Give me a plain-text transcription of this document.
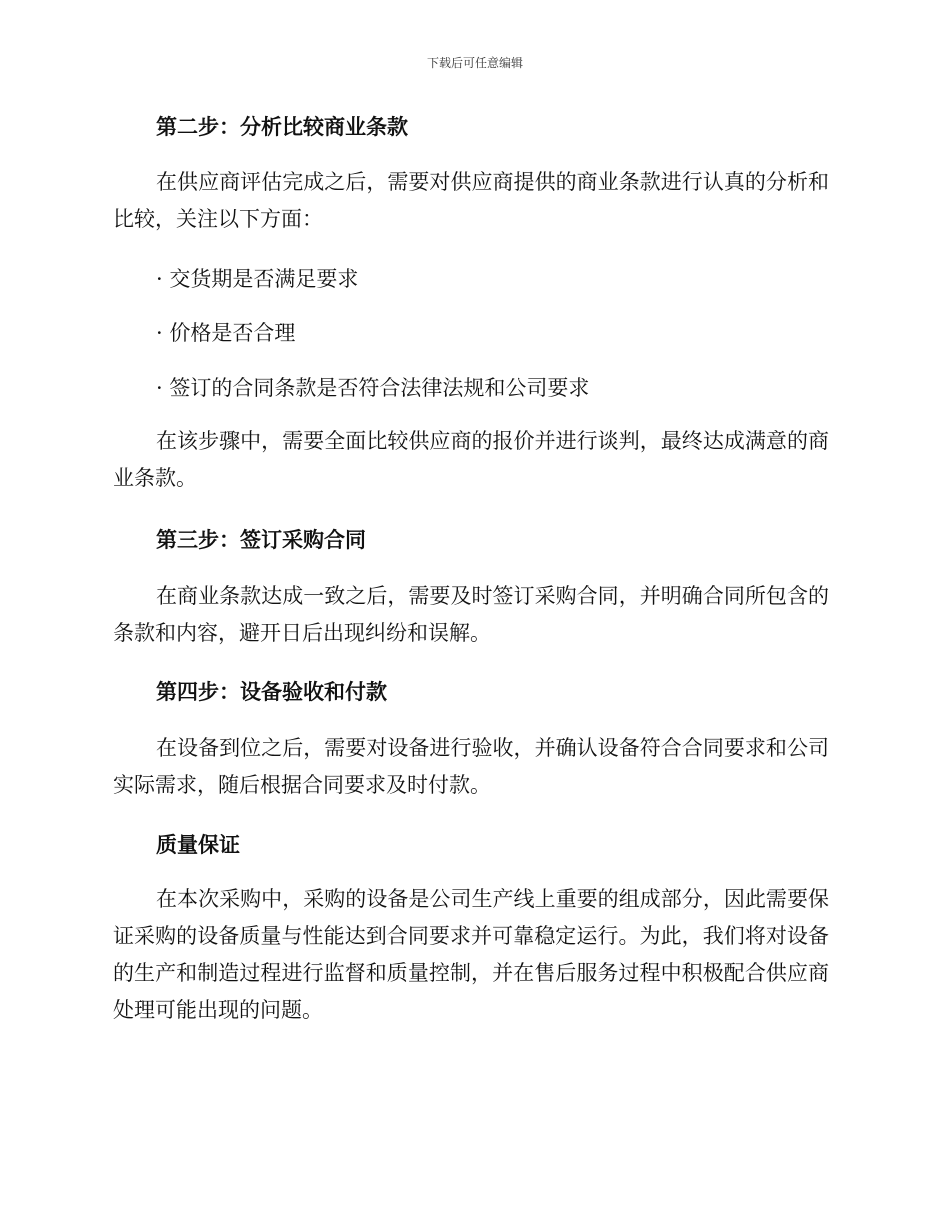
下载后可任意编辑
第二步：分析比较商业条款
在供应商评估完成之后，需要对供应商提供的商业条款进行认真的分析和比较，关注以下方面：
· 交货期是否满足要求
· 价格是否合理
· 签订的合同条款是否符合法律法规和公司要求
在该步骤中，需要全面比较供应商的报价并进行谈判，最终达成满意的商业条款。
第三步：签订采购合同
在商业条款达成一致之后，需要及时签订采购合同，并明确合同所包含的条款和内容，避开日后出现纠纷和误解。
第四步：设备验收和付款
在设备到位之后，需要对设备进行验收，并确认设备符合合同要求和公司实际需求，随后根据合同要求及时付款。
质量保证
在本次采购中，采购的设备是公司生产线上重要的组成部分，因此需要保证采购的设备质量与性能达到合同要求并可靠稳定运行。为此，我们将对设备的生产和制造过程进行监督和质量控制，并在售后服务过程中积极配合供应商处理可能出现的问题。
